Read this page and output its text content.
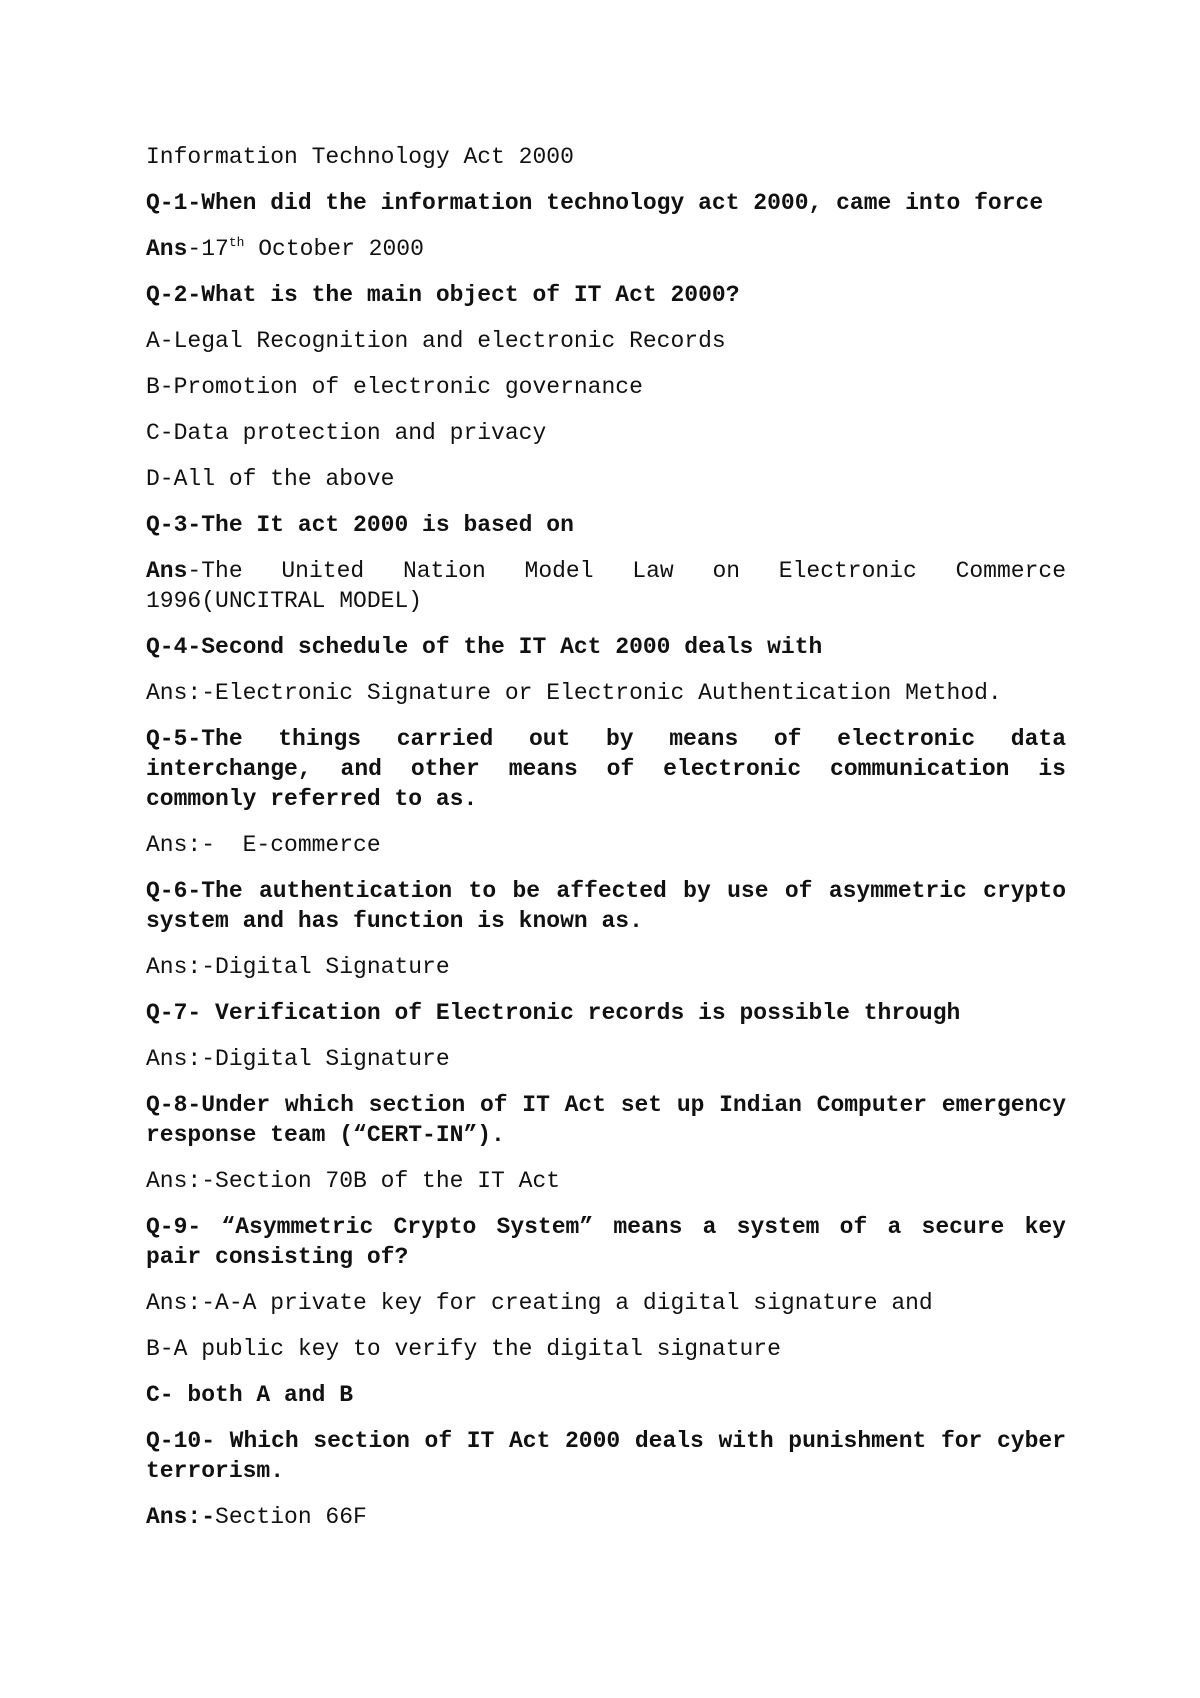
Information Technology Act 2000

Q-1-When did the information technology act 2000, came into force

Ans-17th October 2000

Q-2-What is the main object of IT Act 2000?

A-Legal Recognition and electronic Records

B-Promotion of electronic governance

C-Data protection and privacy

D-All of the above

Q-3-The It act 2000 is based on

Ans-The United Nation Model Law on Electronic Commerce 1996(UNCITRAL MODEL)

Q-4-Second schedule of the IT Act 2000 deals with

Ans:-Electronic Signature or Electronic Authentication Method.

Q-5-The things carried out by means of electronic data interchange, and other means of electronic communication is commonly referred to as.

Ans:-  E-commerce

Q-6-The authentication to be affected by use of asymmetric crypto system and has function is known as.

Ans:-Digital Signature

Q-7- Verification of Electronic records is possible through

Ans:-Digital Signature

Q-8-Under which section of IT Act set up Indian Computer emergency response team (“CERT-IN”).

Ans:-Section 70B of the IT Act

Q-9- “Asymmetric Crypto System” means a system of a secure key pair consisting of?

Ans:-A-A private key for creating a digital signature and

B-A public key to verify the digital signature

C- both A and B

Q-10- Which section of IT Act 2000 deals with punishment for cyber terrorism.

Ans:-Section 66F
